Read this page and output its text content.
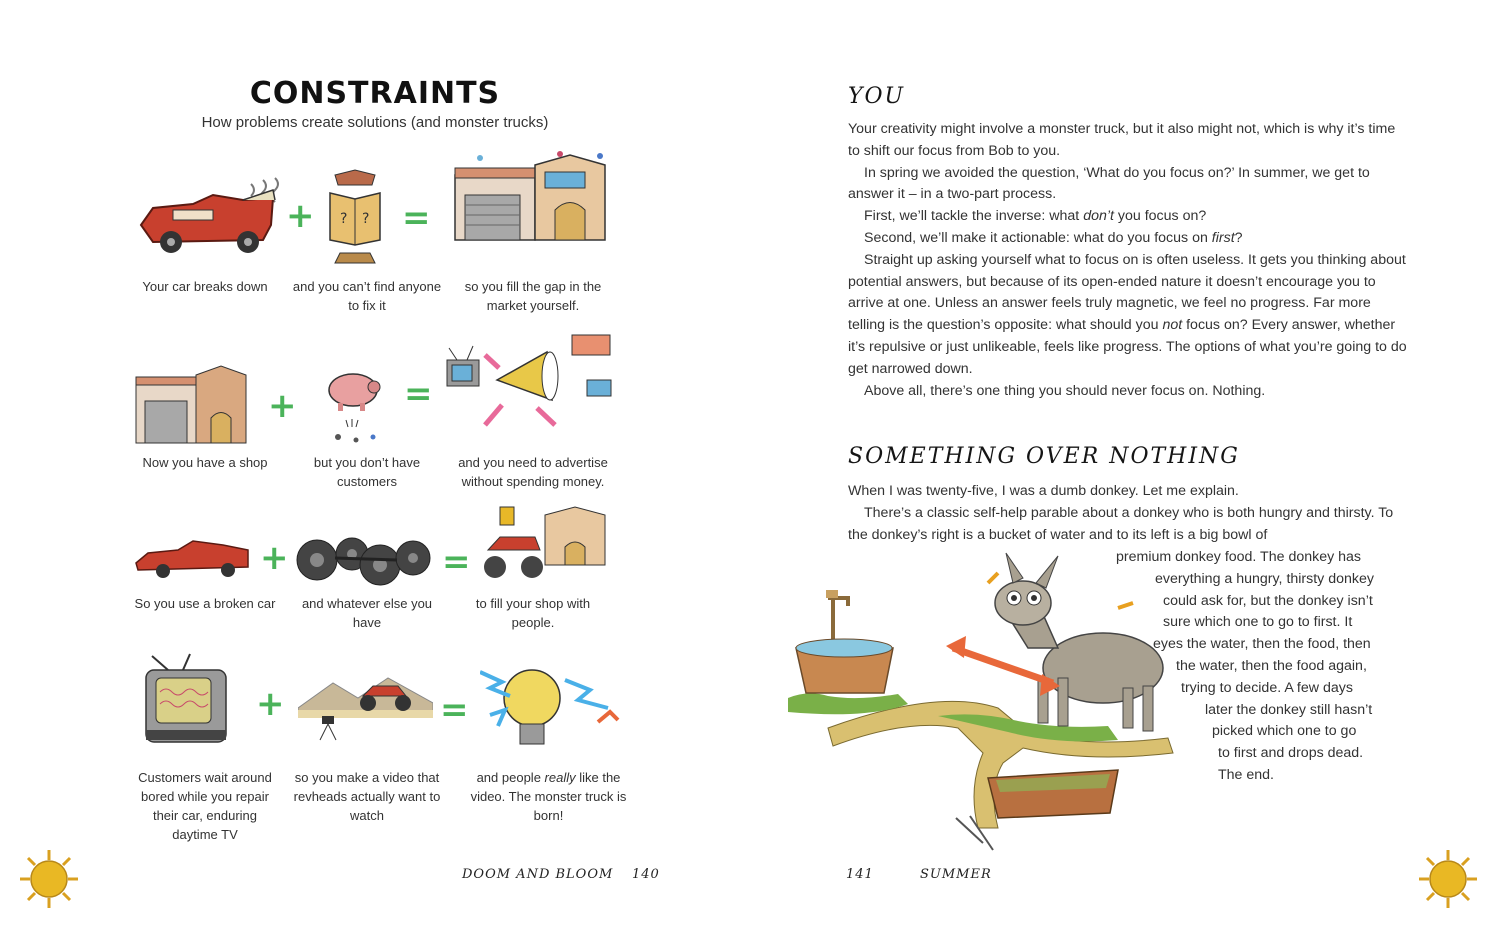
CONSTRAINTS
How problems create solutions (and monster trucks)
+ ? ? =
Your car breaks down	and you can’t find anyone to fix it
so you fill the gap in the market yourself.
+	=
Now you have a shop	but you don’t have customers
and you need to advertise without spending money.
+	=
So you use a broken car	and whatever else you have
to fill your shop with people.
+	=
Customers wait around bored while you repair their car, enduring daytime TV
so you make a video that revheads actually want to watch
and people really like the video. The monster truck is born!
DOOM AND BLOOM 140
YOU

Your creativity might involve a monster truck, but it also might not, which is why it’s time to shift our focus from Bob to you.

In spring we avoided the question, ‘What do you focus on?’ In summer, we get to answer it – in a two-part process.

First, we’ll tackle the inverse: what don’t you focus on?

Second, we’ll make it actionable: what do you focus on first?

Straight up asking yourself what to focus on is often useless. It gets you thinking about potential answers, but because of its open-ended nature it doesn’t encourage you to arrive at one. Unless an answer feels truly magnetic, we feel no progress. Far more telling is the question’s opposite: what should you not focus on? Every answer, whether it’s repulsive or just unlikeable, feels like progress. The options of what you’re going to do get narrowed down.

Above all, there’s one thing you should never focus on. Nothing.

SOMETHING OVER NOTHING

When I was twenty-five, I was a dumb donkey. Let me explain.

There’s a classic self-help parable about a donkey who is both hungry and thirsty. To the donkey’s right is a bucket of water and to its left is a big bowl of

premium donkey food. The donkey has
everything a hungry, thirsty donkey
could ask for, but the donkey isn’t
sure which one to go to first. It
eyes the water, then the food, then
the water, then the food again,
trying to decide. A few days
later the donkey still hasn’t
picked which one to go
to first and drops dead.
The end.
141	SUMMER
